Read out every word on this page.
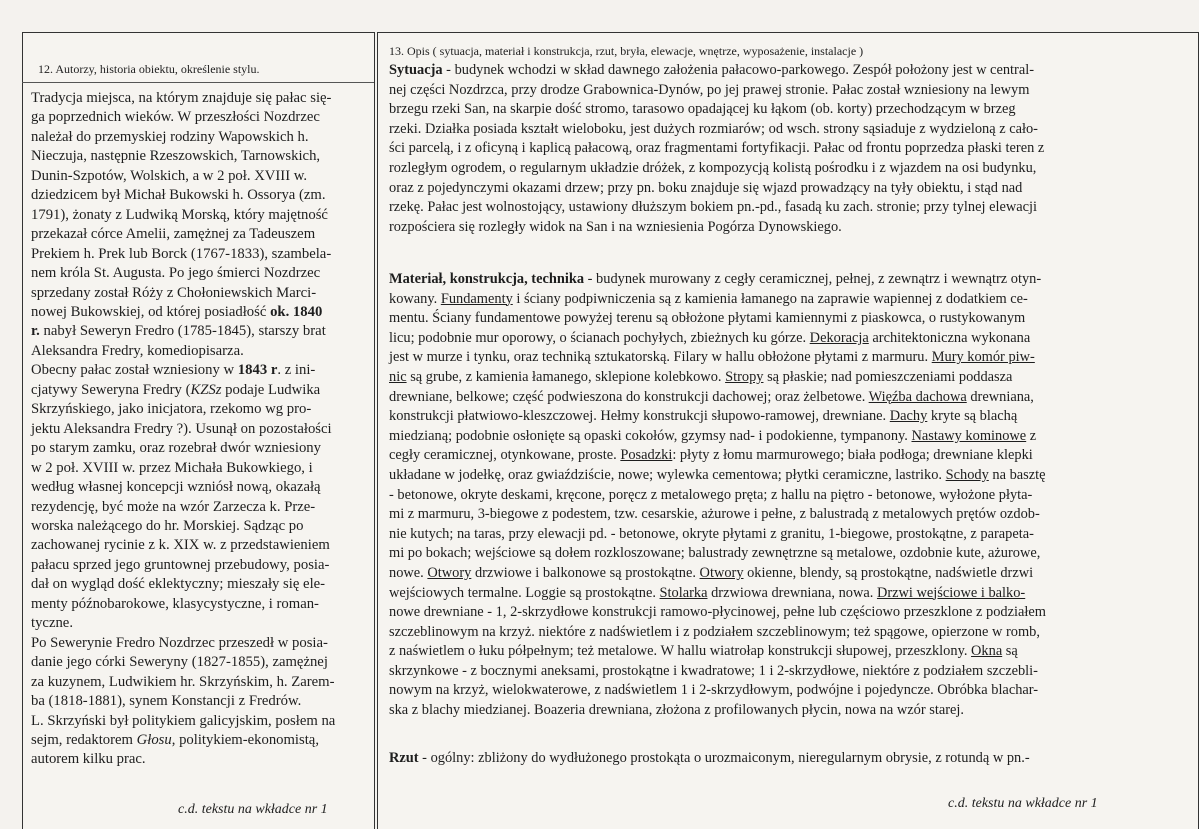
12. Autorzy, historia obiektu, określenie stylu.
Tradycja miejsca, na którym znajduje się pałac się-
ga poprzednich wieków. W przeszłości Nozdrzec
należał do przemyskiej rodziny Wapowskich h.
Nieczuja, następnie Rzeszowskich, Tarnowskich,
Dunin-Szpotów, Wolskich, a w 2 poł. XVIII w.
dziedzicem był Michał Bukowski h. Ossorya (zm.
1791), żonaty z Ludwiką Morską, który majętność
przekazał córce Amelii, zamężnej za Tadeuszem
Prekiem h. Prek lub Borck (1767-1833), szambela-
nem króla St. Augusta. Po jego śmierci Nozdrzec
sprzedany został Róży z Chołoniewskich Marci-
nowej Bukowskiej, od której posiadłość ok. 1840
r. nabył Seweryn Fredro (1785-1845), starszy brat
Aleksandra Fredry, komediopisarza.
Obecny pałac został wzniesiony w 1843 r. z ini-
cjatywy Seweryna Fredry (KZSz podaje Ludwika
Skrzyńskiego, jako inicjatora, rzekomo wg pro-
jektu Aleksandra Fredry ?). Usunął on pozostałości
po starym zamku, oraz rozebrał dwór wzniesiony
w 2 poł. XVIII w. przez Michała Bukowkiego, i
według własnej koncepcji wzniósł nową, okazałą
rezydencję, być może na wzór Zarzecza k. Prze-
worska należącego do hr. Morskiej. Sądząc po
zachowanej rycinie z k. XIX w. z przedstawieniem
pałacu sprzed jego gruntownej przebudowy, posia-
dał on wygląd dość eklektyczny; mieszały się ele-
menty późnobarokowe, klasycystyczne, i roman-
tyczne.
Po Sewerynie Fredro Nozdrzec przeszedł w posia-
danie jego córki Seweryny (1827-1855), zamężnej
za kuzynem, Ludwikiem hr. Skrzyńskim, h. Zarem-
ba (1818-1881), synem Konstancji z Fredrów.
L. Skrzyński był politykiem galicyjskim, posłem na
sejm, redaktorem Głosu, politykiem-ekonomistą,
autorem kilku prac.
c.d. tekstu na wkładce nr 1
13. Opis ( sytuacja, materiał i konstrukcja, rzut, bryła, elewacje, wnętrze, wyposażenie, instalacje )
Sytuacja - budynek wchodzi w skład dawnego założenia pałacowo-parkowego. Zespół położony jest w central-
nej części Nozdrzca, przy drodze Grabownica-Dynów, po jej prawej stronie. Pałac został wzniesiony na lewym
brzegu rzeki San, na skarpie dość stromo, tarasowo opadającej ku łąkom (ob. korty) przechodzącym w brzeg
rzeki. Działka posiada kształt wieloboku, jest dużych rozmiarów; od wsch. strony sąsiaduje z wydzieloną z cało-
ści parcelą, i z oficyną i kaplicą pałacową, oraz fragmentami fortyfikacji. Pałac od frontu poprzedza płaski teren z
rozległym ogrodem, o regularnym układzie dróżek, z kompozycją kolistą pośrodku i z wjazdem na osi budynku,
oraz z pojedynczymi okazami drzew; przy pn. boku znajduje się wjazd prowadzący na tyły obiektu, i stąd nad
rzekę. Pałac jest wolnostojący, ustawiony dłuższym bokiem pn.-pd., fasadą ku zach. stronie; przy tylnej elewacji
rozpościera się rozległy widok na San i na wzniesienia Pogórza Dynowskiego.
Materiał, konstrukcja, technika - budynek murowany z cegły ceramicznej, pełnej, z zewnątrz i wewnątrz otyn-
kowany. Fundamenty i ściany podpiwniczenia są z kamienia łamanego na zaprawie wapiennej z dodatkiem ce-
mentu. Ściany fundamentowe powyżej terenu są obłożone płytami kamiennymi z piaskowca, o rustykowanym
licu; podobnie mur oporowy, o ścianach pochyłych, zbieżnych ku górze. Dekoracja architektoniczna wykonana
jest w murze i tynku, oraz techniką sztukatorską. Filary w hallu obłożone płytami z marmuru. Mury komór piw-
nic są grube, z kamienia łamanego, sklepione kolebkowo. Stropy są płaskie; nad pomieszczeniami poddasza
drewniane, belkowe; część podwieszona do konstrukcji dachowej; oraz żelbetowe. Więźba dachowa drewniana,
konstrukcji płatwiowo-kleszczowej. Hełmy konstrukcji słupowo-ramowej, drewniane. Dachy kryte są blachą
miedzianą; podobnie osłonięte są opaski cokołów, gzymsy nad- i podokienne, tympanony. Nastawy kominowe z
cegły ceramicznej, otynkowane, proste. Posadzki: płyty z łomu marmurowego; biała podłoga; drewniane klepki
układane w jodełkę, oraz gwiaździście, nowe; wylewka cementowa; płytki ceramiczne, lastriko. Schody na basztę
- betonowe, okryte deskami, kręcone, poręcz z metalowego pręta; z hallu na piętro - betonowe, wyłożone płyta-
mi z marmuru, 3-biegowe z podestem, tzw. cesarskie, ażurowe i pełne, z balustradą z metalowych prętów ozdob-
nie kutych; na taras, przy elewacji pd. - betonowe, okryte płytami z granitu, 1-biegowe, prostokątne, z parapeta-
mi po bokach; wejściowe są dołem rozkloszowane; balustrady zewnętrzne są metalowe, ozdobnie kute, ażurowe,
nowe. Otwory drzwiowe i balkonowe są prostokątne. Otwory okienne, blendy, są prostokątne, nadświetle drzwi
wejściowych termalne. Loggie są prostokątne. Stolarka drzwiowa drewniana, nowa. Drzwi wejściowe i balko-
nowe drewniane - 1, 2-skrzydłowe konstrukcji ramowo-płycinowej, pełne lub częściowo przeszklone z podziałem
szczeblinowym na krzyż. niektóre z nadświetlem i z podziałem szczeblinowym; też spągowe, opierzone w romb,
z naświetlem o łuku półpełnym; też metalowe. W hallu wiatrołap konstrukcji słupowej, przeszklony. Okna są
skrzynkowe - z bocznymi aneksami, prostokątne i kwadratowe; 1 i 2-skrzydłowe, niektóre z podziałem szczebli-
nowym na krzyż, wielokwaterowe, z nadświetlem 1 i 2-skrzydłowym, podwójne i pojedyncze. Obróbka blachar-
ska z blachy miedzianej. Boazeria drewniana, złożona z profilowanych płycin, nowa na wzór starej.
Rzut - ogólny: zbliżony do wydłużonego prostokąta o urozmaiconym, nieregularnym obrysie, z rotundą w pn.-
c.d. tekstu na wkładce nr 1
